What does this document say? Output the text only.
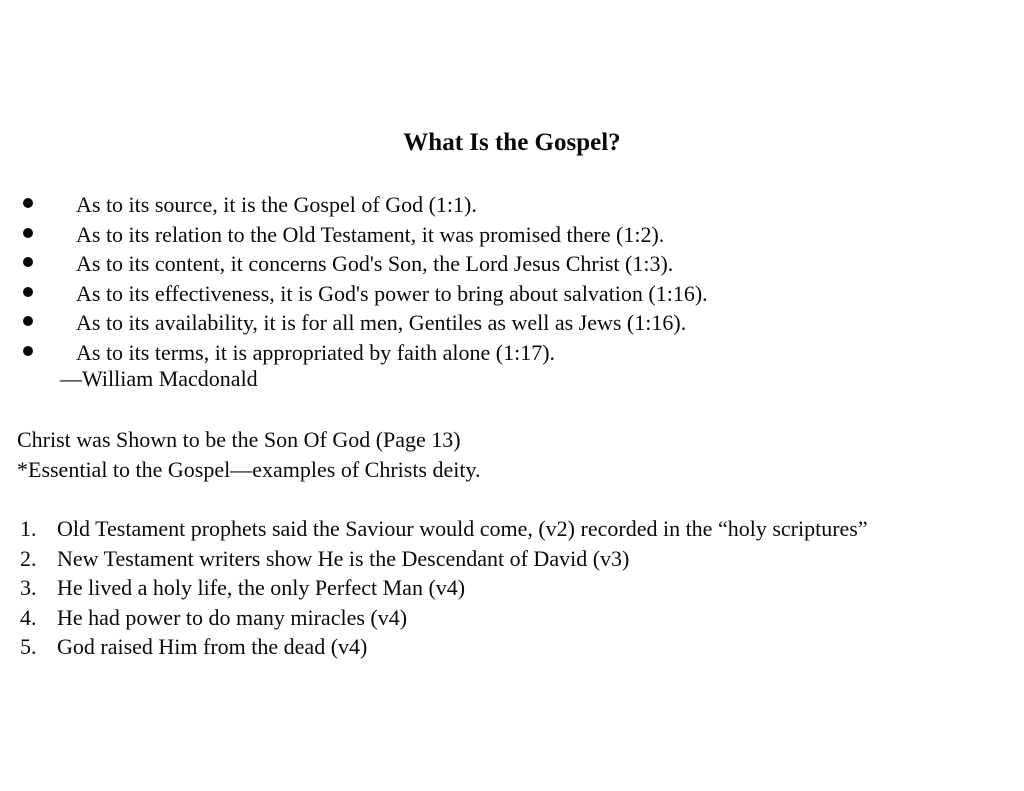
What Is the Gospel?
As to its source, it is the Gospel of God (1:1).
As to its relation to the Old Testament, it was promised there (1:2).
As to its content, it concerns God's Son, the Lord Jesus Christ (1:3).
As to its effectiveness, it is God's power to bring about salvation (1:16).
As to its availability, it is for all men, Gentiles as well as Jews (1:16).
As to its terms, it is appropriated by faith alone (1:17).

—William Macdonald

Christ was Shown to be the Son Of God (Page 13)

*Essential to the Gospel—examples of Christs deity.

1. Old Testament prophets said the Saviour would come, (v2) recorded in the “holy scriptures”
2. New Testament writers show He is the Descendant of David (v3)
3. He lived a holy life, the only Perfect Man (v4)
4. He had power to do many miracles (v4)
5. God raised Him from the dead (v4)
